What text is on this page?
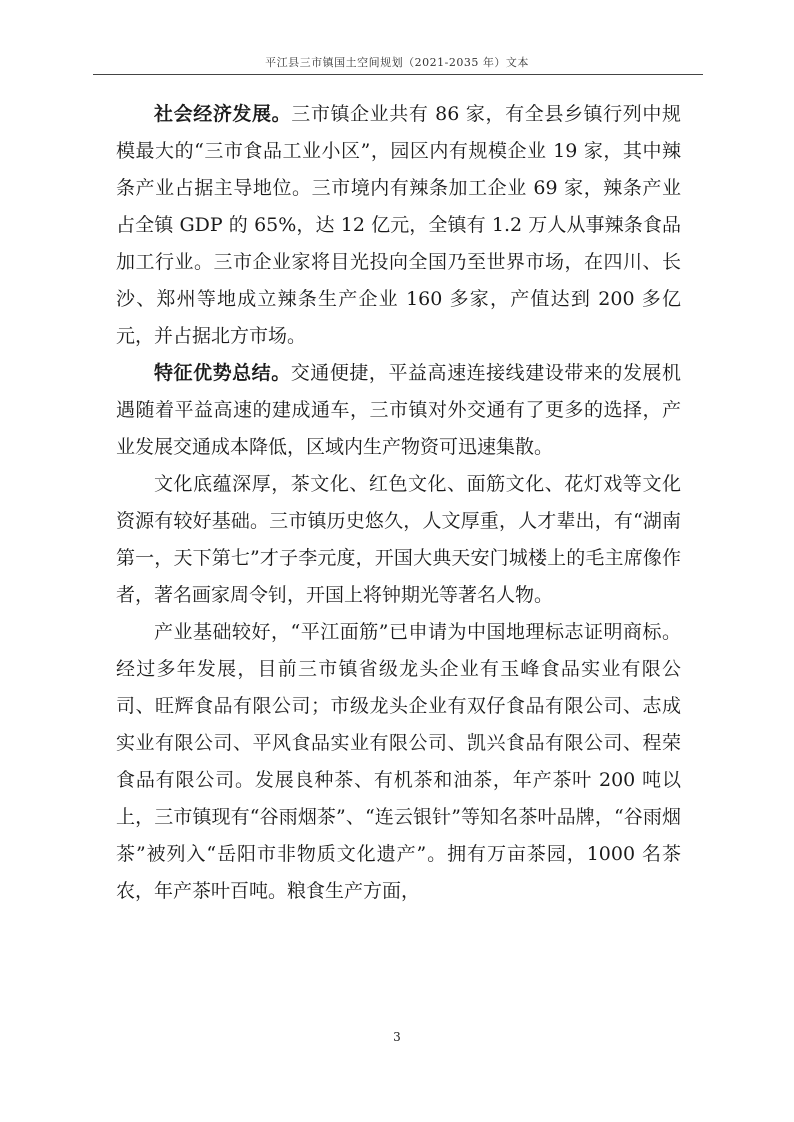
平江县三市镇国土空间规划（2021-2035 年）文本

社会经济发展。三市镇企业共有 86 家，有全县乡镇行列中规模最大的“三市食品工业小区”，园区内有规模企业 19 家，其中辣条产业占据主导地位。三市境内有辣条加工企业 69 家，辣条产业占全镇 GDP 的 65%，达 12 亿元，全镇有 1.2 万人从事辣条食品加工行业。三市企业家将目光投向全国乃至世界市场，在四川、长沙、郑州等地成立辣条生产企业 160 多家，产值达到 200 多亿元，并占据北方市场。

特征优势总结。交通便捷，平益高速连接线建设带来的发展机遇随着平益高速的建成通车，三市镇对外交通有了更多的选择，产业发展交通成本降低，区域内生产物资可迅速集散。

文化底蕴深厚，茶文化、红色文化、面筋文化、花灯戏等文化资源有较好基础。三市镇历史悠久，人文厚重，人才辈出，有“湖南第一，天下第七”才子李元度，开国大典天安门城楼上的毛主席像作者，著名画家周令钊，开国上将钟期光等著名人物。

产业基础较好，“平江面筋”已申请为中国地理标志证明商标。经过多年发展，目前三市镇省级龙头企业有玉峰食品实业有限公司、旺辉食品有限公司；市级龙头企业有双仔食品有限公司、志成实业有限公司、平风食品实业有限公司、凯兴食品有限公司、程荣食品有限公司。发展良种茶、有机茶和油茶，年产茶叶 200 吨以上，三市镇现有“谷雨烟茶”、“连云银针”等知名茶叶品牌，“谷雨烟茶”被列入“岳阳市非物质文化遗产”。拥有万亩茶园，1000 名茶农，年产茶叶百吨。粮食生产方面，

3
